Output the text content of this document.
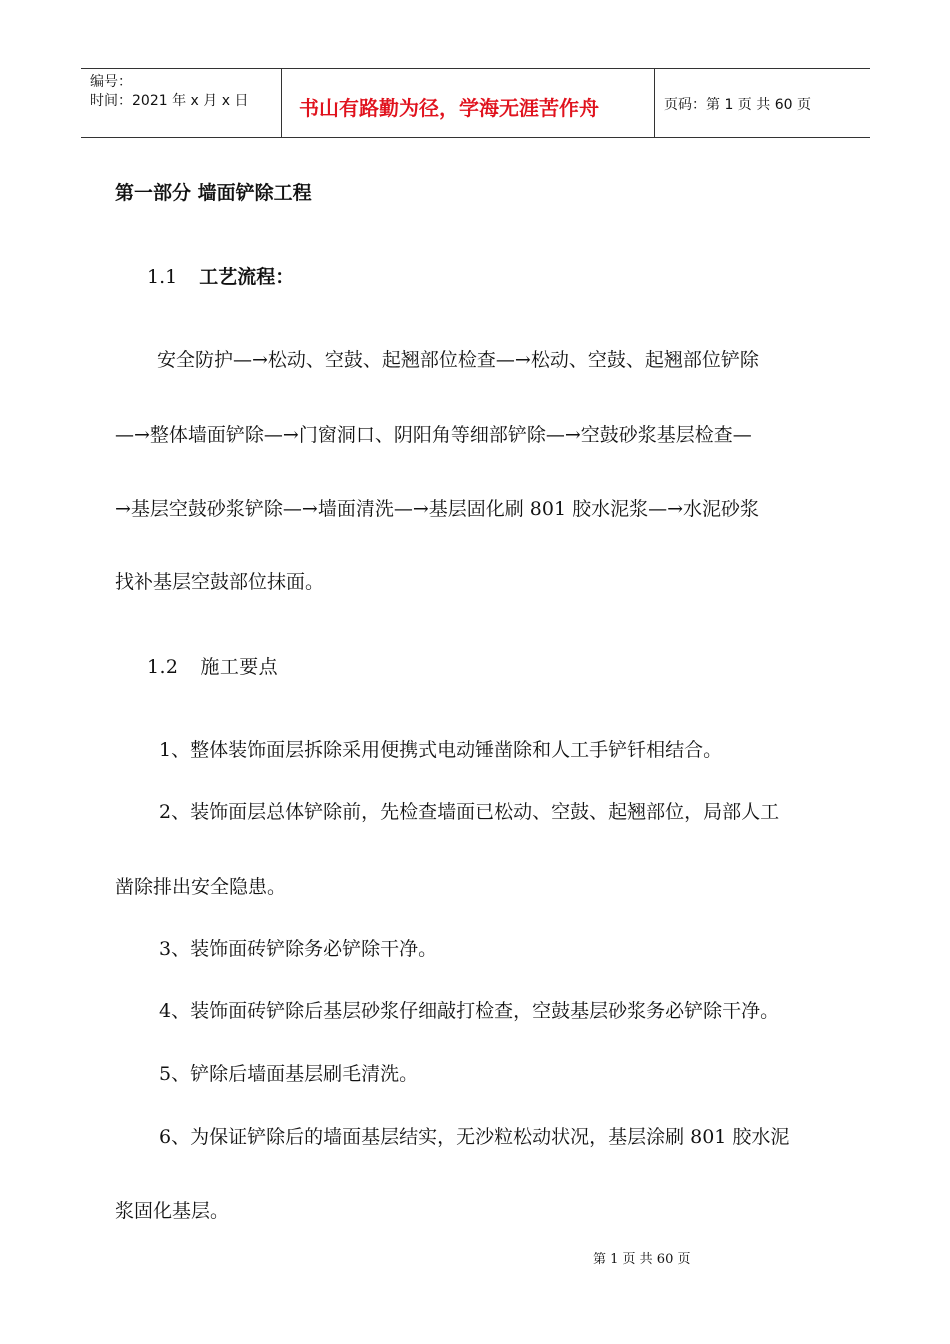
编号：
时间：2021 年 x 月 x 日	书山有路勤为径，学海无涯苦作舟	页码：第 1 页 共 60 页
第一部分 墙面铲除工程
1.1 工艺流程：
安全防护—→松动、空鼓、起翘部位检查—→松动、空鼓、起翘部位铲除
—→整体墙面铲除—→门窗洞口、阴阳角等细部铲除—→空鼓砂浆基层检查—
→基层空鼓砂浆铲除—→墙面清洗—→基层固化刷 801 胶水泥浆—→水泥砂浆
找补基层空鼓部位抹面。
1.2 施工要点
1、整体装饰面层拆除采用便携式电动锤凿除和人工手铲钎相结合。
2、装饰面层总体铲除前，先检查墙面已松动、空鼓、起翘部位，局部人工
凿除排出安全隐患。
3、装饰面砖铲除务必铲除干净。
4、装饰面砖铲除后基层砂浆仔细敲打检查，空鼓基层砂浆务必铲除干净。
5、铲除后墙面基层刷毛清洗。
6、为保证铲除后的墙面基层结实，无沙粒松动状况，基层涂刷 801 胶水泥
浆固化基层。
第 1 页 共 60 页
